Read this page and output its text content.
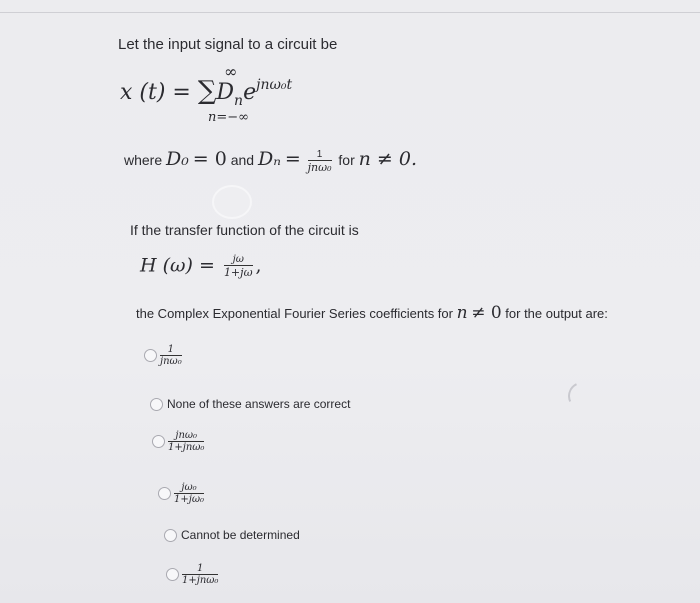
Let the input signal to a circuit be
x $(t) = \sum D_ne^{jn\omega_0t}$
∞
n=−∞
where D₀ = 0 and $D_n = \frac{1}{\text{jnω₀}}$ for n ≠ 0.
If the transfer function of the circuit is
H $(\omega) = \frac{j\omega}{1+j\omega}$ ,
the Complex Exponential Fourier Series coefficients for n ≠ 0 for the output are:
$\frac{1}{\text{jnω₀}}$
None of these answers are correct
$\frac{\text{jnω₀}}{\text{1+jnω₀}}$
$\frac{\text{jω₀}}{\text{1+jω₀}}$
Cannot be determined
$\frac{1}{\text{1+jnω₀}}$
